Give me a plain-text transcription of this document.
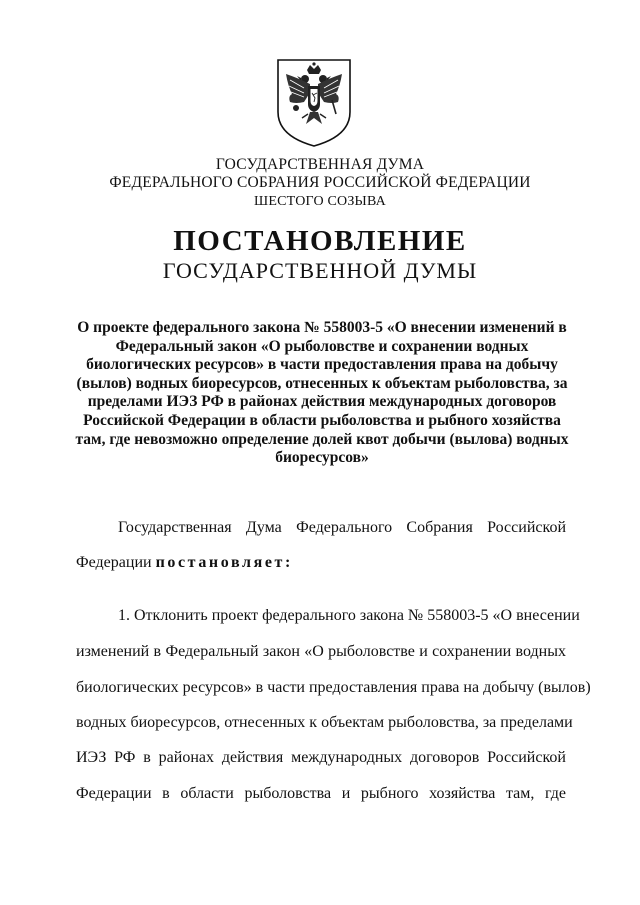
ГОСУДАРСТВЕННАЯ ДУМА
ФЕДЕРАЛЬНОГО СОБРАНИЯ РОССИЙСКОЙ ФЕДЕРАЦИИ
ШЕСТОГО СОЗЫВА
ПОСТАНОВЛЕНИЕ
ГОСУДАРСТВЕННОЙ ДУМЫ
О проекте федерального закона № 558003-5 «О внесении изменений в
Федеральный закон «О рыболовстве и сохранении водных
биологических ресурсов» в части предоставления права на добычу
(вылов) водных биоресурсов, отнесенных к объектам рыболовства, за
пределами ИЭЗ РФ в районах действия международных договоров
Российской Федерации в области рыболовства и рыбного хозяйства
там, где невозможно определение долей квот добычи (вылова) водных
биоресурсов»
Государственная Дума Федерального Собрания Российской
Федерации постановляет:
1. Отклонить проект федерального закона № 558003-5 «О внесении
изменений в Федеральный закон «О рыболовстве и сохранении водных
биологических ресурсов» в части предоставления права на добычу (вылов)
водных биоресурсов, отнесенных к объектам рыболовства, за пределами
ИЭЗ РФ в районах действия международных договоров Российской
Федерации в области рыболовства и рыбного хозяйства там, где
